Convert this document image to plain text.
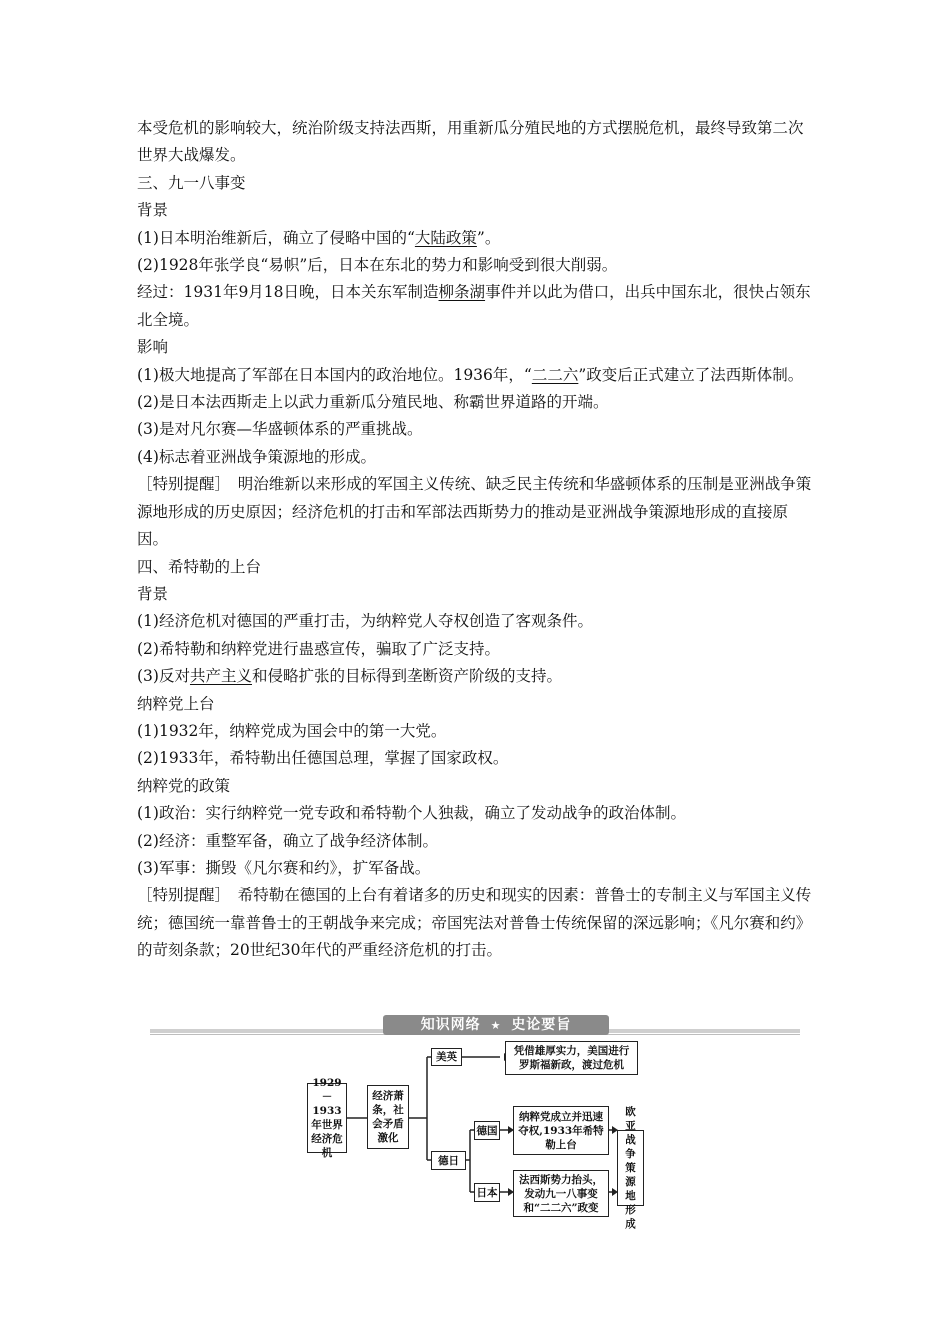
本受危机的影响较大，统治阶级支持法西斯，用重新瓜分殖民地的方式摆脱危机，最终导致第二次世界大战爆发。

三、九一八事变

背景

(1)日本明治维新后，确立了侵略中国的“大陆政策”。

(2)1928年张学良“易帜”后，日本在东北的势力和影响受到很大削弱。

经过：1931年9月18日晚，日本关东军制造柳条湖事件并以此为借口，出兵中国东北，很快占领东北全境。

影响

(1)极大地提高了军部在日本国内的政治地位。1936年，“二二六”政变后正式建立了法西斯体制。

(2)是日本法西斯走上以武力重新瓜分殖民地、称霸世界道路的开端。

(3)是对凡尔赛—华盛顿体系的严重挑战。

(4)标志着亚洲战争策源地的形成。

［特别提醒］　明治维新以来形成的军国主义传统、缺乏民主传统和华盛顿体系的压制是亚洲战争策源地形成的历史原因；经济危机的打击和军部法西斯势力的推动是亚洲战争策源地形成的直接原因。

四、希特勒的上台

背景

(1)经济危机对德国的严重打击，为纳粹党人夺权创造了客观条件。

(2)希特勒和纳粹党进行蛊惑宣传，骗取了广泛支持。

(3)反对共产主义和侵略扩张的目标得到垄断资产阶级的支持。

纳粹党上台

(1)1932年，纳粹党成为国会中的第一大党。

(2)1933年，希特勒出任德国总理，掌握了国家政权。

纳粹党的政策

(1)政治：实行纳粹党一党专政和希特勒个人独裁，确立了发动战争的政治体制。

(2)经济：重整军备，确立了战争经济体制。

(3)军事：撕毁《凡尔赛和约》，扩军备战。

［特别提醒］　希特勒在德国的上台有着诸多的历史和现实的因素：普鲁士的专制主义与军国主义传统；德国统一靠普鲁士的王朝战争来完成；帝国宪法对普鲁士传统保留的深远影响；《凡尔赛和约》的苛刻条款；20世纪30年代的严重经济危机的打击。

知识网络 ★ 史论要旨
1929－1933年世界经济危机
经济萧条，社会矛盾激化
美英	凭借雄厚实力，美国进行罗斯福新政，渡过危机
德日
德国
日本
纳粹党成立并迅速夺权,1933年希特勒上台
法西斯势力抬头，发动九一八事变和“二二六”政变
欧亚战争策源地形成
